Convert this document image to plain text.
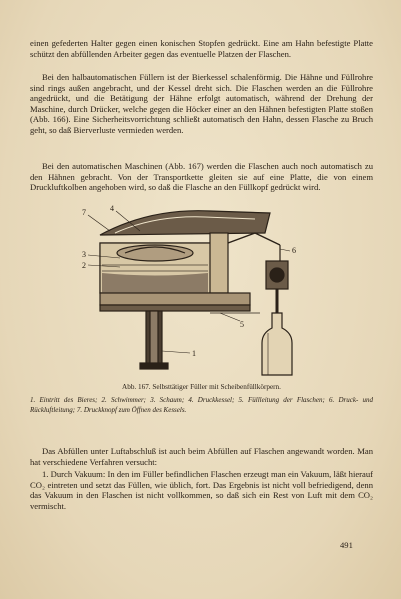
einen gefederten Halter gegen einen konischen Stopfen gedrückt. Eine am Hahn befestigte Platte schützt den abfüllenden Arbeiter gegen das eventuelle Platzen der Flaschen.

Bei den halbautomatischen Füllern ist der Bierkessel schalenförmig. Die Hähne und Füllrohre sind rings außen angebracht, und der Kessel dreht sich. Die Flaschen werden an die Füllrohre angedrückt, und die Betätigung der Hähne erfolgt automatisch, während der Drehung der Maschine, durch Drücker, welche gegen die Höcker einer an den Hähnen befestigten Platte stoßen (Abb. 166). Eine Sicherheitsvorrichtung schließt automatisch den Hahn, dessen Flasche zu Bruch geht, so daß Bierverluste vermieden werden.

Bei den automatischen Maschinen (Abb. 167) werden die Flaschen auch noch automatisch zu den Hähnen gebracht. Von der Transportkette gleiten sie auf eine Platte, die von einem Druckluftkolben angehoben wird, so daß die Flasche an den Füllkopf gedrückt wird.

7	4
3
2
6
5
1
Abb. 167. Selbsttätiger Füller mit Scheibenfüllkörpern.
1. Eintritt des Bieres; 2. Schwimmer; 3. Schaum; 4. Druckkessel; 5. Füllleitung der Flaschen; 6. Druck- und Rückluftleitung; 7. Druckknopf zum Öffnen des Kessels.

Das Abfüllen unter Luftabschluß ist auch beim Abfüllen auf Flaschen angewandt worden. Man hat verschiedene Verfahren versucht:

1. Durch Vakuum: In den im Füller befindlichen Flaschen erzeugt man ein Vakuum, läßt hierauf CO₂ eintreten und setzt das Füllen, wie üblich, fort. Das Ergebnis ist nicht voll befriedigend, denn das Vakuum in den Flaschen ist nicht vollkommen, so daß sich ein Rest von Luft mit dem CO₂ vermischt.

491
